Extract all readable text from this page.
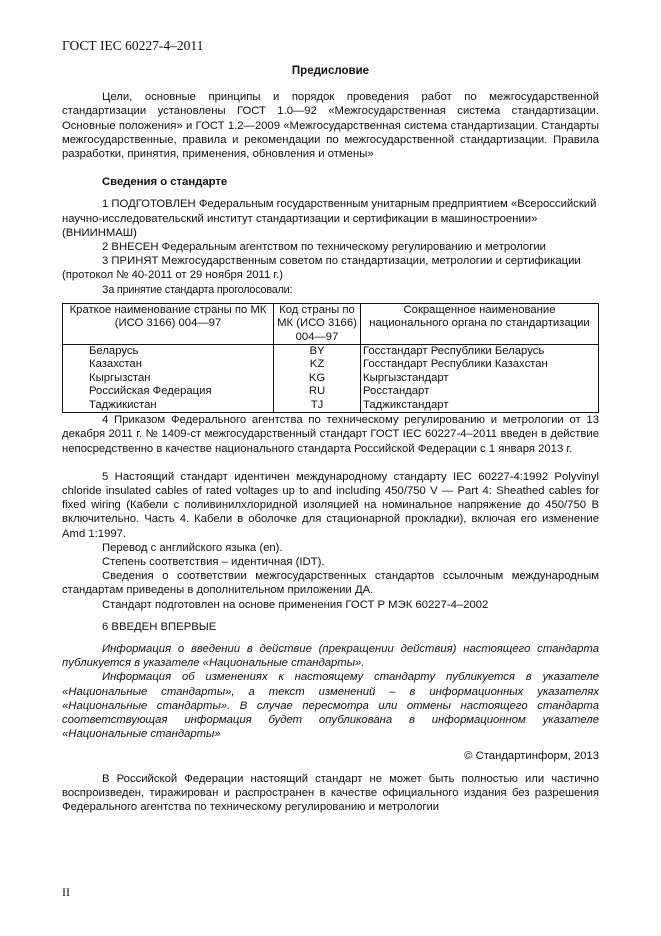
ГОСТ IEC 60227-4–2011

Предисловие

Цели, основные принципы и порядок проведения работ по межгосударственной стандартизации установлены ГОСТ 1.0—92 «Межгосударственная система стандартизации. Основные положения» и ГОСТ 1.2—2009 «Межгосударственная система стандартизации. Стандарты межгосударственные, правила и рекомендации по межгосударственной стандартизации. Правила разработки, принятия, применения, обновления и отмены»

Сведения о стандарте

1 ПОДГОТОВЛЕН Федеральным государственным унитарным предприятием «Всероссийский научно-исследовательский институт стандартизации и сертификации в машиностроении» (ВНИИНМАШ)

2 ВНЕСЕН Федеральным агентством по техническому регулированию и метрологии

3 ПРИНЯТ Межгосударственным советом по стандартизации, метрологии и сертификации (протокол № 40-2011 от 29 ноября 2011 г.)

За принятие стандарта проголосовали:

Краткое наименование страны по МК (ИСО 3166) 004—97	Код страны по МК (ИСО 3166) 004—97	Сокращенное наименование национального органа по стандартизации
Беларусь	BY	Госстандарт Республики Беларусь
Казахстан	KZ	Госстандарт Республики Казахстан
Кыргызстан	KG	Кыргызстандарт
Российская Федерация	RU	Росстандарт
Таджикистан	TJ	Таджикстандарт

4 Приказом Федерального агентства по техническому регулированию и метрологии от 13 декабря 2011 г. № 1409-ст межгосударственный стандарт ГОСТ IEC 60227-4–2011 введен в действие непосредственно в качестве национального стандарта Российской Федерации с 1 января 2013 г.

5 Настоящий стандарт идентичен международному стандарту IEC 60227-4:1992 Polyvinyl chloride insulated cables of rated voltages up to and including 450/750 V — Part 4: Sheathed cables for fixed wiring (Кабели с поливинилхлоридной изоляцией на номинальное напряжение до 450/750 В включительно. Часть 4. Кабели в оболочке для стационарной прокладки), включая его изменение Amd 1:1997.

Перевод с английского языка (en).

Степень соответствия – идентичная (IDT).

Сведения о соответствии межгосударственных стандартов ссылочным международным стандартам приведены в дополнительном приложении ДА.

Стандарт подготовлен на основе применения ГОСТ Р МЭК 60227-4–2002

6 ВВЕДЕН ВПЕРВЫЕ

Информация о введении в действие (прекращении действия) настоящего стандарта публикуется в указателе «Национальные стандарты».

Информация об изменениях к настоящему стандарту публикуется в указателе «Национальные стандарты», а текст изменений – в информационных указателях «Национальные стандарты». В случае пересмотра или отмены настоящего стандарта соответствующая информация будет опубликована в информационном указателе «Национальные стандарты»

© Стандартинформ, 2013

В Российской Федерации настоящий стандарт не может быть полностью или частично воспроизведен, тиражирован и распространен в качестве официального издания без разрешения Федерального агентства по техническому регулированию и метрологии

II
